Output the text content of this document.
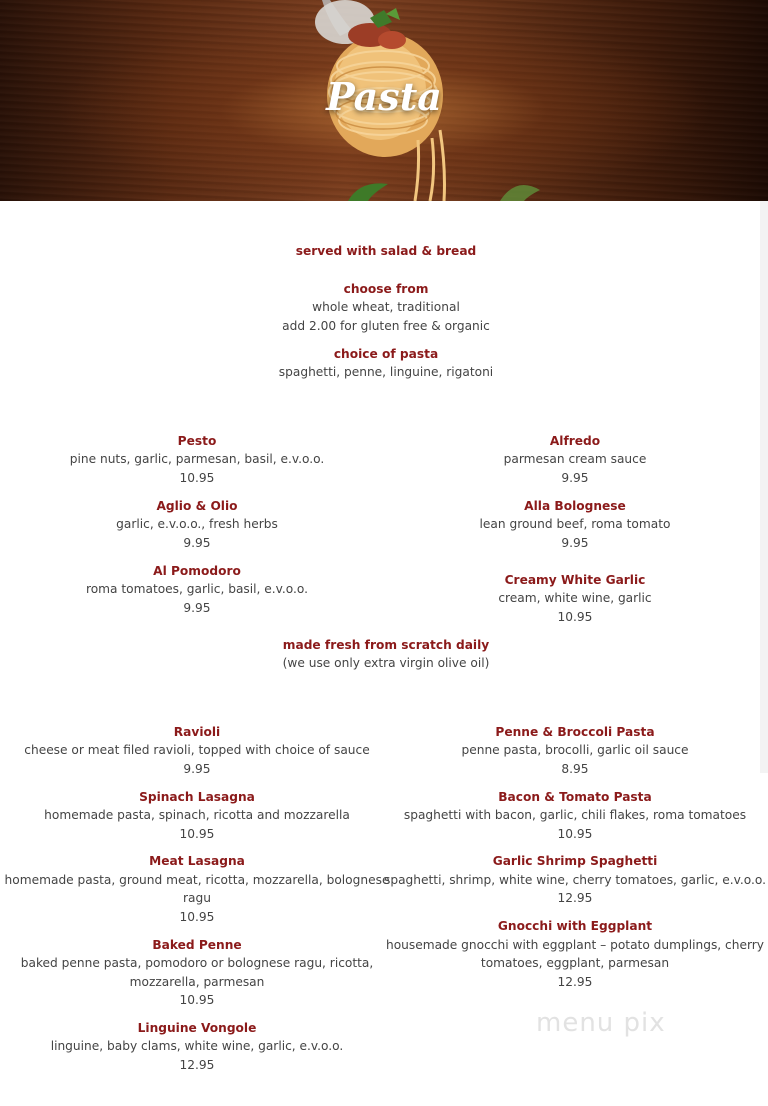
Pasta

served with salad & bread

choose from

whole wheat, traditional

add 2.00 for gluten free & organic

choice of pasta

spaghetti, penne, linguine, rigatoni

Pesto

pine nuts, garlic, parmesan, basil, e.v.o.o.

10.95

Aglio & Olio

garlic, e.v.o.o., fresh herbs

9.95

Al Pomodoro

roma tomatoes, garlic, basil, e.v.o.o.

9.95

Alfredo

parmesan cream sauce

9.95

Alla Bolognese

lean ground beef, roma tomato

9.95

Creamy White Garlic

cream, white wine, garlic

10.95

made fresh from scratch daily

(we use only extra virgin olive oil)

Ravioli

cheese or meat filed ravioli, topped with choice of sauce

9.95

Spinach Lasagna

homemade pasta, spinach, ricotta and mozzarella

10.95

Meat Lasagna

homemade pasta, ground meat, ricotta, mozzarella, bolognese

ragu

10.95

Baked Penne

baked penne pasta, pomodoro or bolognese ragu, ricotta,

mozzarella, parmesan

10.95

Linguine Vongole

linguine, baby clams, white wine, garlic, e.v.o.o.

12.95

Penne & Broccoli Pasta

penne pasta, brocolli, garlic oil sauce

8.95

Bacon & Tomato Pasta

spaghetti with bacon, garlic, chili flakes, roma tomatoes

10.95

Garlic Shrimp Spaghetti

spaghetti, shrimp, white wine, cherry tomatoes, garlic, e.v.o.o.

12.95

Gnocchi with Eggplant

housemade gnocchi with eggplant – potato dumplings, cherry

tomatoes, eggplant, parmesan

12.95

menu pix
